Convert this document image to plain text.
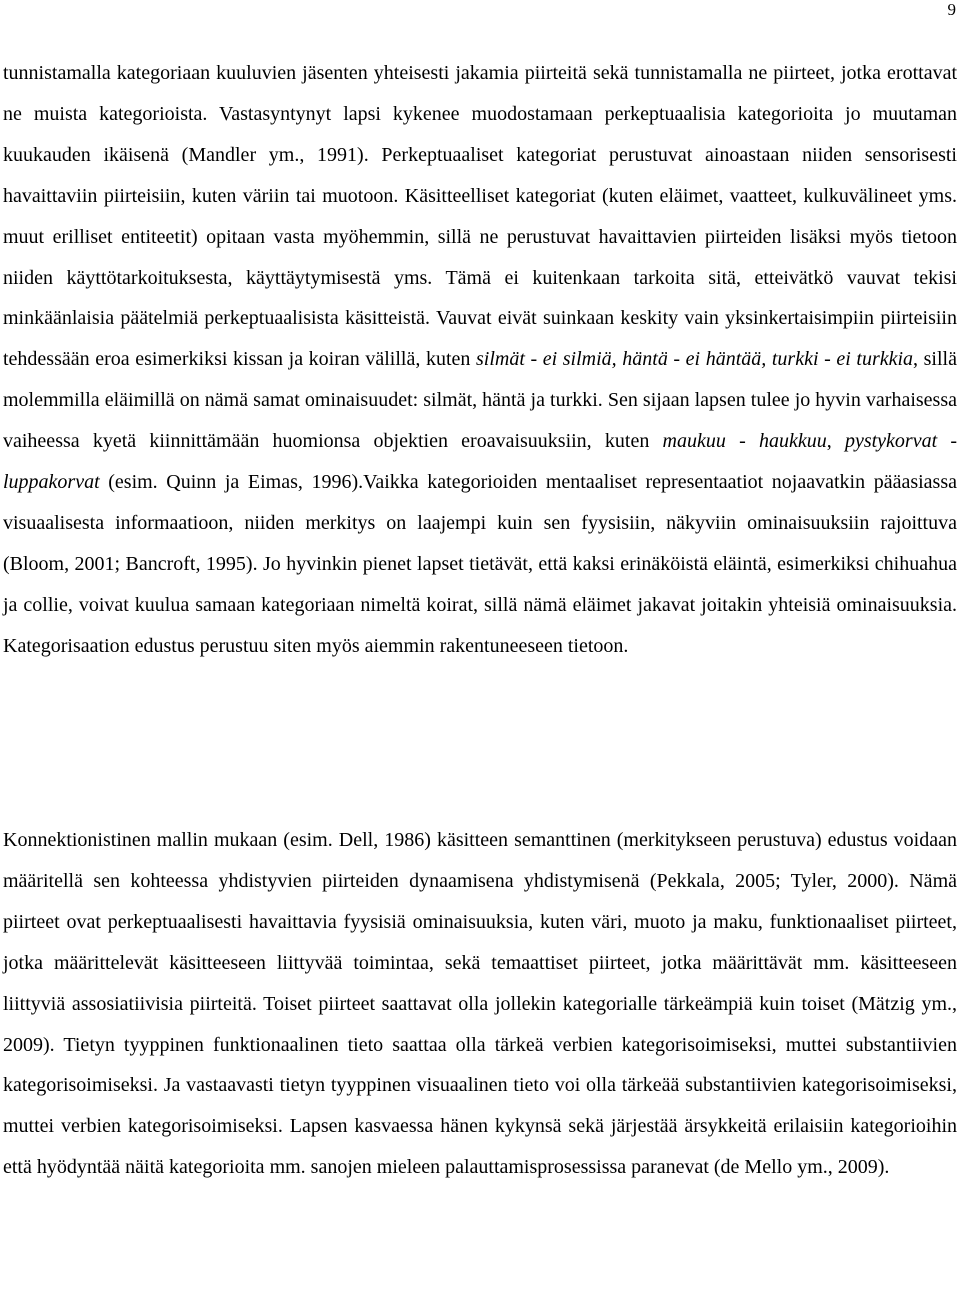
9

tunnistamalla kategoriaan kuuluvien jäsenten yhteisesti jakamia piirteitä sekä tunnistamalla ne piirteet, jotka erottavat ne muista kategorioista. Vastasyntynyt lapsi kykenee muodostamaan perkeptuaalisia kategorioita jo muutaman kuukauden ikäisenä (Mandler ym., 1991). Perkeptuaaliset kategoriat perustuvat ainoastaan niiden sensorisesti havaittaviin piirteisiin, kuten väriin tai muotoon. Käsitteelliset kategoriat (kuten eläimet, vaatteet, kulkuvälineet yms. muut erilliset entiteetit) opitaan vasta myöhemmin, sillä ne perustuvat havaittavien piirteiden lisäksi myös tietoon niiden käyttötarkoituksesta, käyttäytymisestä yms. Tämä ei kuitenkaan tarkoita sitä, etteivätkö vauvat tekisi minkäänlaisia päätelmiä perkeptuaalisista käsitteistä. Vauvat eivät suinkaan keskity vain yksinkertaisimpiin piirteisiin tehdessään eroa esimerkiksi kissan ja koiran välillä, kuten silmät - ei silmiä, häntä - ei häntää, turkki - ei turkkia, sillä molemmilla eläimillä on nämä samat ominaisuudet: silmät, häntä ja turkki. Sen sijaan lapsen tulee jo hyvin varhaisessa vaiheessa kyetä kiinnittämään huomionsa objektien eroavaisuuksiin, kuten maukuu - haukkuu, pystykorvat - luppakorvat (esim. Quinn ja Eimas, 1996).Vaikka kategorioiden mentaaliset representaatiot nojaavatkin pääasiassa visuaalisesta informaatioon, niiden merkitys on laajempi kuin sen fyysisiin, näkyviin ominaisuuksiin rajoittuva (Bloom, 2001; Bancroft, 1995). Jo hyvinkin pienet lapset tietävät, että kaksi erinäköistä eläintä, esimerkiksi chihuahua ja collie, voivat kuulua samaan kategoriaan nimeltä koirat, sillä nämä eläimet jakavat joitakin yhteisiä ominaisuuksia. Kategorisaation edustus perustuu siten myös aiemmin rakentuneeseen tietoon.

Konnektionistinen mallin mukaan (esim. Dell, 1986) käsitteen semanttinen (merkitykseen perustuva) edustus voidaan määritellä sen kohteessa yhdistyvien piirteiden dynaamisena yhdistymisenä (Pekkala, 2005; Tyler, 2000). Nämä piirteet ovat perkeptuaalisesti havaittavia fyysisiä ominaisuuksia, kuten väri, muoto ja maku, funktionaaliset piirteet, jotka määrittelevät käsitteeseen liittyvää toimintaa, sekä temaattiset piirteet, jotka määrittävät mm. käsitteeseen liittyviä assosiatiivisia piirteitä. Toiset piirteet saattavat olla jollekin kategorialle tärkeämpiä kuin toiset (Mätzig ym., 2009). Tietyn tyyppinen funktionaalinen tieto saattaa olla tärkeä verbien kategorisoimiseksi, muttei substantiivien kategorisoimiseksi. Ja vastaavasti tietyn tyyppinen visuaalinen tieto voi olla tärkeää substantiivien kategorisoimiseksi, muttei verbien kategorisoimiseksi. Lapsen kasvaessa hänen kykynsä sekä järjestää ärsykkeitä erilaisiin kategorioihin että hyödyntää näitä kategorioita mm. sanojen mieleen palauttamisprosessissa paranevat (de Mello ym., 2009).
